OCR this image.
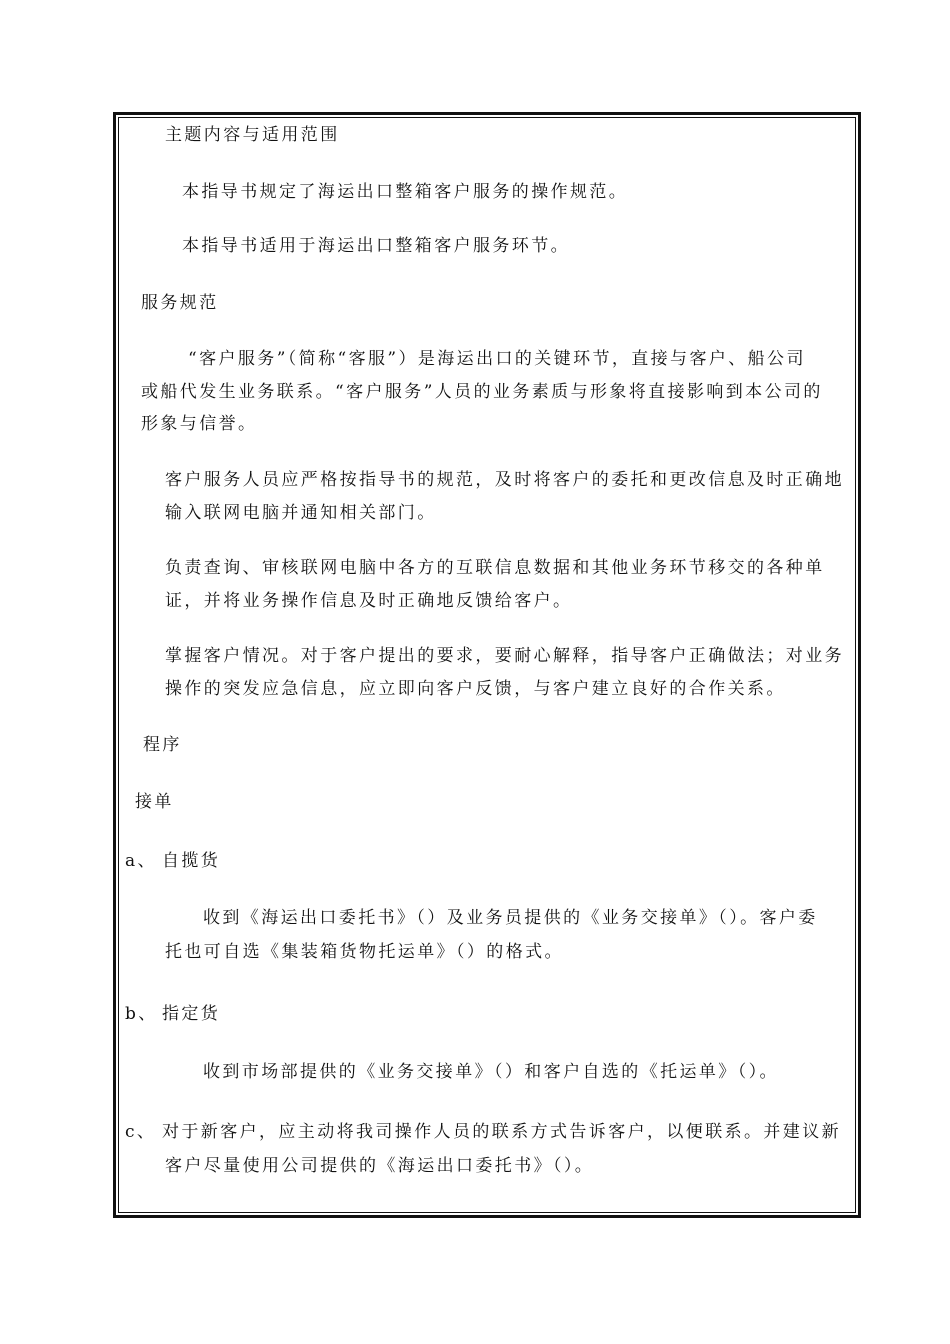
主题内容与适用范围

本指导书规定了海运出口整箱客户服务的操作规范。

本指导书适用于海运出口整箱客户服务环节。

服务规范

“客户服务”（简称“客服”）是海运出口的关键环节，直接与客户、船公司

或船代发生业务联系。“客户服务”人员的业务素质与形象将直接影响到本公司的

形象与信誉。

客户服务人员应严格按指导书的规范，及时将客户的委托和更改信息及时正确地

输入联网电脑并通知相关部门。

负责查询、审核联网电脑中各方的互联信息数据和其他业务环节移交的各种单

证，并将业务操作信息及时正确地反馈给客户。

掌握客户情况。对于客户提出的要求，要耐心解释，指导客户正确做法；对业务

操作的突发应急信息，应立即向客户反馈，与客户建立良好的合作关系。

程序

接单

a、 自揽货

收到《海运出口委托书》（）及业务员提供的《业务交接单》（）。客户委

托也可自选《集装箱货物托运单》（）的格式。

b、 指定货

收到市场部提供的《业务交接单》（）和客户自选的《托运单》（）。

c、 对于新客户，应主动将我司操作人员的联系方式告诉客户，以便联系。并建议新

客户尽量使用公司提供的《海运出口委托书》（）。
